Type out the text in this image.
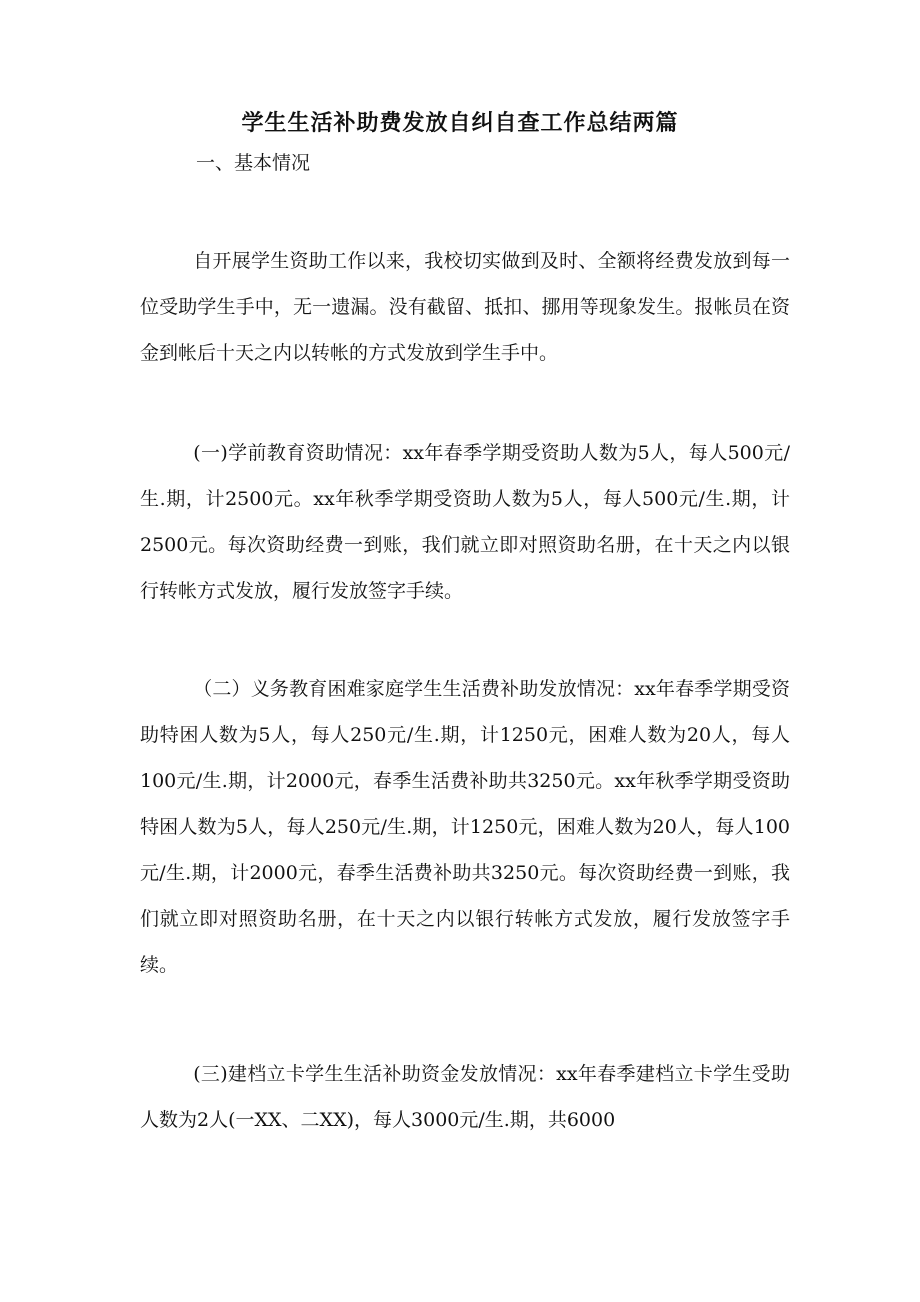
学生生活补助费发放自纠自查工作总结两篇
一、基本情况

自开展学生资助工作以来，我校切实做到及时、全额将经费发放到每一位受助学生手中，无一遗漏。没有截留、抵扣、挪用等现象发生。报帐员在资金到帐后十天之内以转帐的方式发放到学生手中。

(一)学前教育资助情况：xx年春季学期受资助人数为5人，每人500元/生.期，计2500元。xx年秋季学期受资助人数为5人，每人500元/生.期，计2500元。每次资助经费一到账，我们就立即对照资助名册，在十天之内以银行转帐方式发放，履行发放签字手续。

（二）义务教育困难家庭学生生活费补助发放情况：xx年春季学期受资助特困人数为5人，每人250元/生.期，计1250元，困难人数为20人，每人100元/生.期，计2000元，春季生活费补助共3250元。xx年秋季学期受资助特困人数为5人，每人250元/生.期，计1250元，困难人数为20人，每人100元/生.期，计2000元，春季生活费补助共3250元。每次资助经费一到账，我们就立即对照资助名册，在十天之内以银行转帐方式发放，履行发放签字手续。

(三)建档立卡学生生活补助资金发放情况：xx年春季建档立卡学生受助人数为2人(一XX、二XX)，每人3000元/生.期，共6000
